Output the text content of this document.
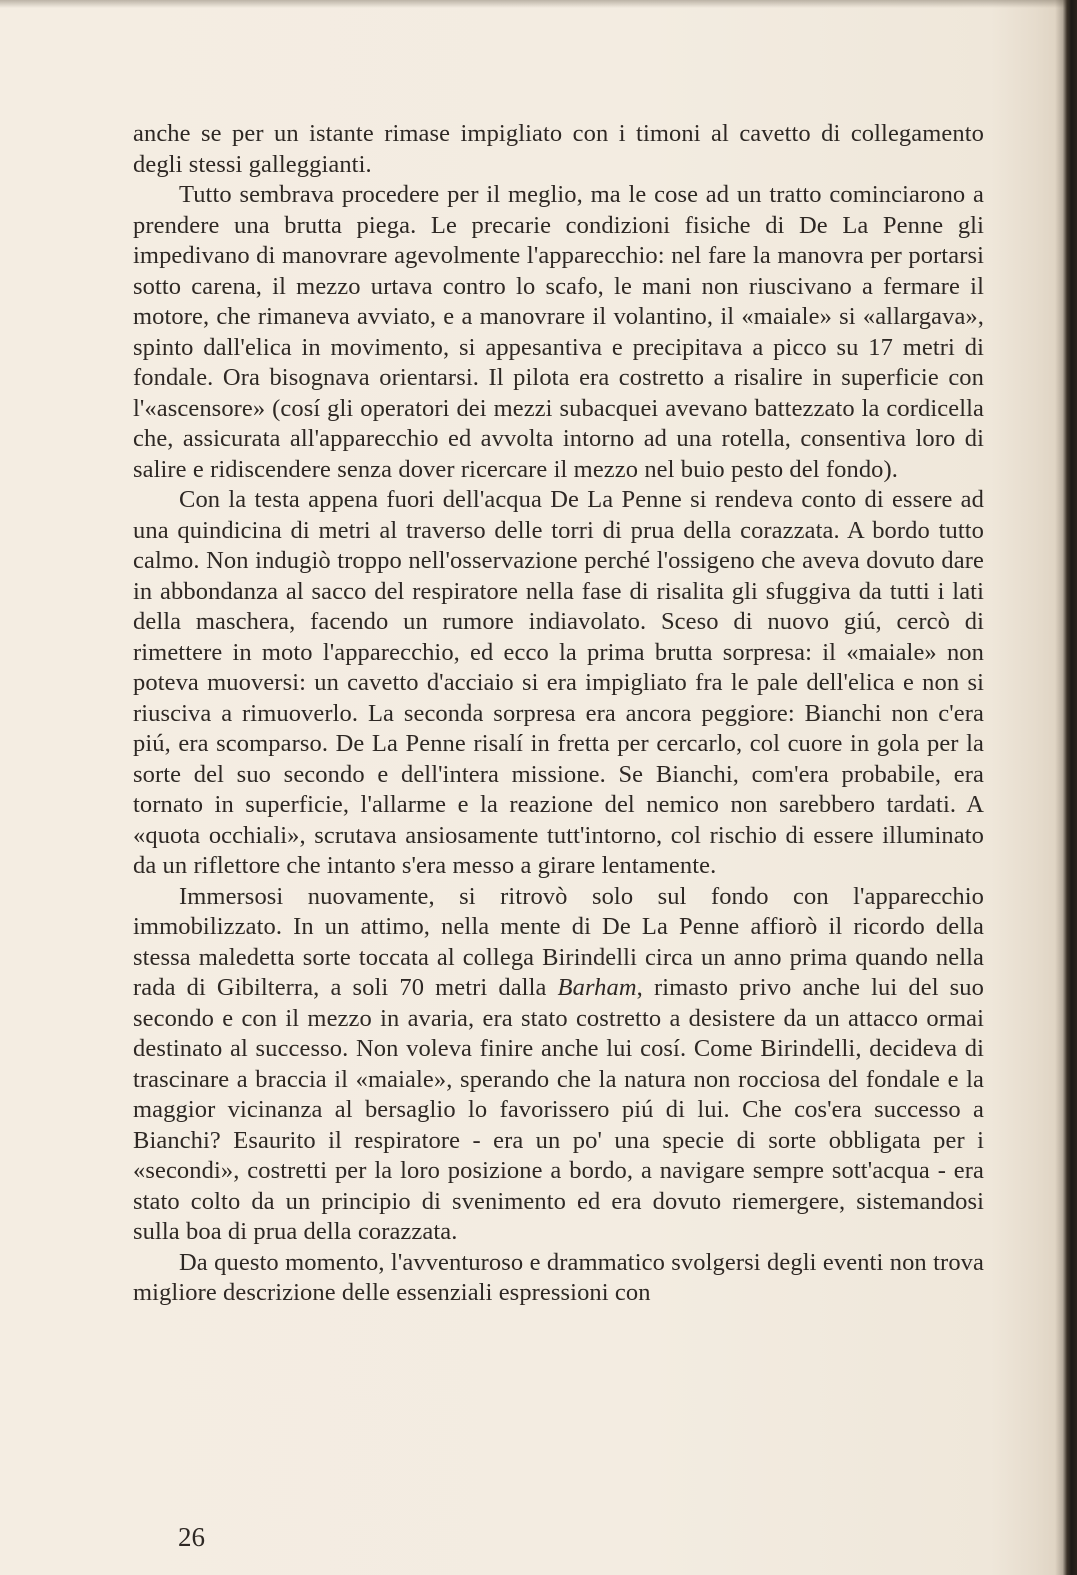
anche se per un istante rimase impigliato con i timoni al cavetto di collegamento degli stessi galleggianti.

Tutto sembrava procedere per il meglio, ma le cose ad un tratto cominciarono a prendere una brutta piega. Le precarie condizioni fisiche di De La Penne gli impedivano di manovrare agevolmente l'apparecchio: nel fare la manovra per portarsi sotto carena, il mezzo urtava contro lo scafo, le mani non riuscivano a fermare il motore, che rimaneva avviato, e a manovrare il volantino, il «maiale» si «allargava», spinto dall'elica in movimento, si appesantiva e precipitava a picco su 17 metri di fondale. Ora bisognava orientarsi. Il pilota era costretto a risalire in superficie con l'«ascensore» (cosí gli operatori dei mezzi subacquei avevano battezzato la cordicella che, assicurata all'apparecchio ed avvolta intorno ad una rotella, consentiva loro di salire e ridiscendere senza dover ricercare il mezzo nel buio pesto del fondo).

Con la testa appena fuori dell'acqua De La Penne si rendeva conto di essere ad una quindicina di metri al traverso delle torri di prua della corazzata. A bordo tutto calmo. Non indugiò troppo nell'osservazione perché l'ossigeno che aveva dovuto dare in abbondanza al sacco del respiratore nella fase di risalita gli sfuggiva da tutti i lati della maschera, facendo un rumore indiavolato. Sceso di nuovo giú, cercò di rimettere in moto l'apparecchio, ed ecco la prima brutta sorpresa: il «maiale» non poteva muoversi: un cavetto d'acciaio si era impigliato fra le pale dell'elica e non si riusciva a rimuoverlo. La seconda sorpresa era ancora peggiore: Bianchi non c'era piú, era scomparso. De La Penne risalí in fretta per cercarlo, col cuore in gola per la sorte del suo secondo e dell'intera missione. Se Bianchi, com'era probabile, era tornato in superficie, l'allarme e la reazione del nemico non sarebbero tardati. A «quota occhiali», scrutava ansiosamente tutt'intorno, col rischio di essere illuminato da un riflettore che intanto s'era messo a girare lentamente.

Immersosi nuovamente, si ritrovò solo sul fondo con l'apparecchio immobilizzato. In un attimo, nella mente di De La Penne affiorò il ricordo della stessa maledetta sorte toccata al collega Birindelli circa un anno prima quando nella rada di Gibilterra, a soli 70 metri dalla Barham, rimasto privo anche lui del suo secondo e con il mezzo in avaria, era stato costretto a desistere da un attacco ormai destinato al successo. Non voleva finire anche lui cosí. Come Birindelli, decideva di trascinare a braccia il «maiale», sperando che la natura non rocciosa del fondale e la maggior vicinanza al bersaglio lo favorissero piú di lui. Che cos'era successo a Bianchi? Esaurito il respiratore - era un po' una specie di sorte obbligata per i «secondi», costretti per la loro posizione a bordo, a navigare sempre sott'acqua - era stato colto da un principio di svenimento ed era dovuto riemergere, sistemandosi sulla boa di prua della corazzata.

Da questo momento, l'avventuroso e drammatico svolgersi degli eventi non trova migliore descrizione delle essenziali espressioni con

26
